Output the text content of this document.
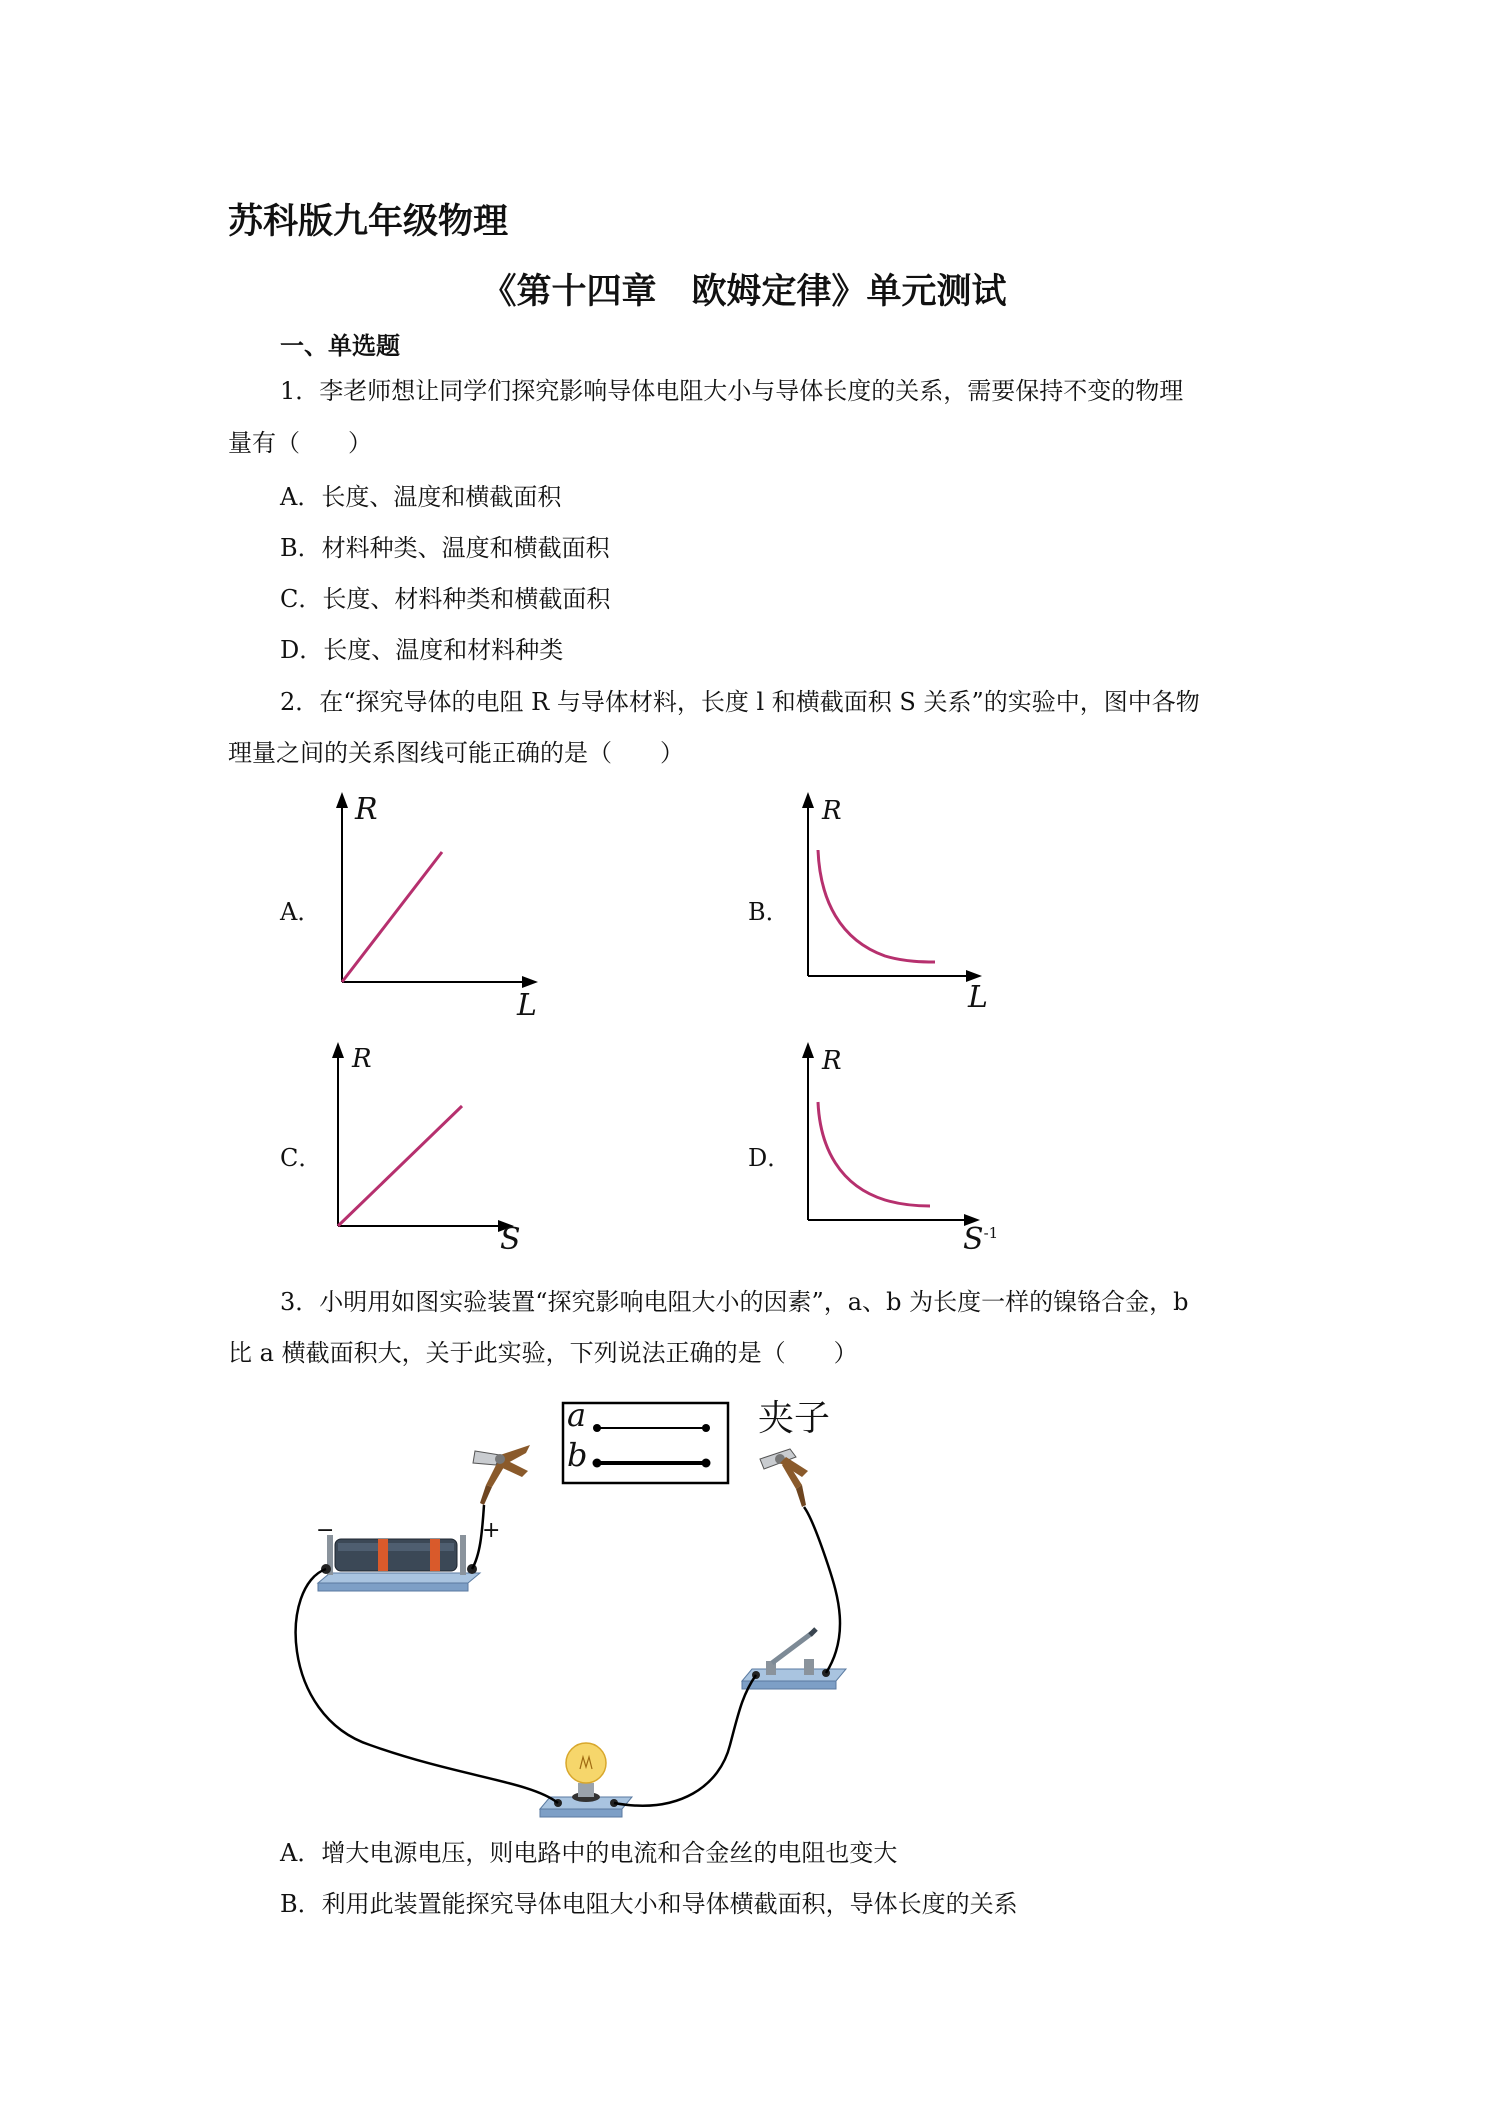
苏科版九年级物理
《第十四章　欧姆定律》单元测试
一、单选题
1．李老师想让同学们探究影响导体电阻大小与导体长度的关系，需要保持不变的物理
量有（　　）
A．长度、温度和横截面积
B．材料种类、温度和横截面积
C．长度、材料种类和横截面积
D．长度、温度和材料种类
2．在“探究导体的电阻 R 与导体材料，长度 l 和横截面积 S 关系”的实验中，图中各物
理量之间的关系图线可能正确的是（　　）
A．
R
L
B．
R
L
C．
R
S
D．
R
$S^{-1}$
3．小明用如图实验装置“探究影响电阻大小的因素”，a、b 为长度一样的镍铬合金，b
比 a 横截面积大，关于此实验，下列说法正确的是（　　）
a
b
夹子
−	+
A．增大电源电压，则电路中的电流和合金丝的电阻也变大
B．利用此装置能探究导体电阻大小和导体横截面积，导体长度的关系
